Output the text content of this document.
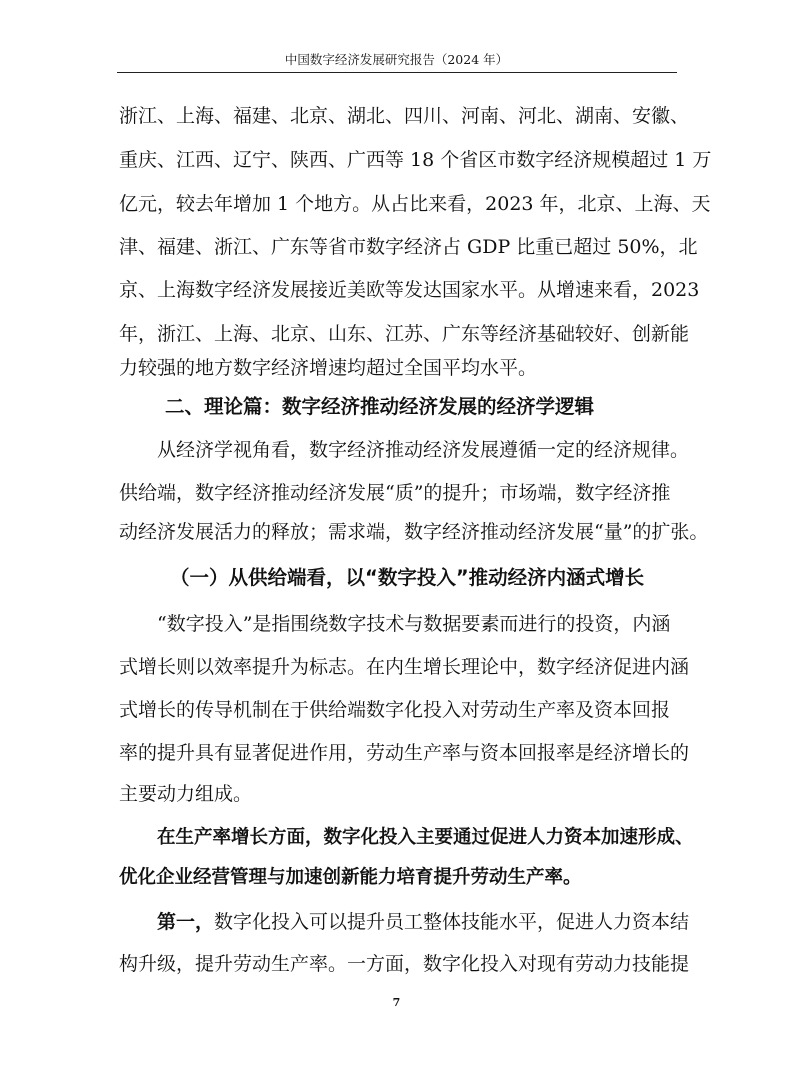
中国数字经济发展研究报告（2024 年）
浙江、上海、福建、北京、湖北、四川、河南、河北、湖南、安徽、
重庆、江西、辽宁、陕西、广西等 18 个省区市数字经济规模超过 1 万
亿元，较去年增加 1 个地方。从占比来看，2023 年，北京、上海、天
津、福建、浙江、广东等省市数字经济占 GDP 比重已超过 50%，北
京、上海数字经济发展接近美欧等发达国家水平。从增速来看，2023
年，浙江、上海、北京、山东、江苏、广东等经济基础较好、创新能
力较强的地方数字经济增速均超过全国平均水平。
二、理论篇：数字经济推动经济发展的经济学逻辑
从经济学视角看，数字经济推动经济发展遵循一定的经济规律。
供给端，数字经济推动经济发展“质”的提升；市场端，数字经济推
动经济发展活力的释放；需求端，数字经济推动经济发展“量”的扩张。
（一）从供给端看，以“数字投入”推动经济内涵式增长
“数字投入”是指围绕数字技术与数据要素而进行的投资，内涵
式增长则以效率提升为标志。在内生增长理论中，数字经济促进内涵
式增长的传导机制在于供给端数字化投入对劳动生产率及资本回报
率的提升具有显著促进作用，劳动生产率与资本回报率是经济增长的
主要动力组成。
在生产率增长方面，数字化投入主要通过促进人力资本加速形成、
优化企业经营管理与加速创新能力培育提升劳动生产率。
第一，数字化投入可以提升员工整体技能水平，促进人力资本结
构升级，提升劳动生产率。一方面，数字化投入对现有劳动力技能提
7
